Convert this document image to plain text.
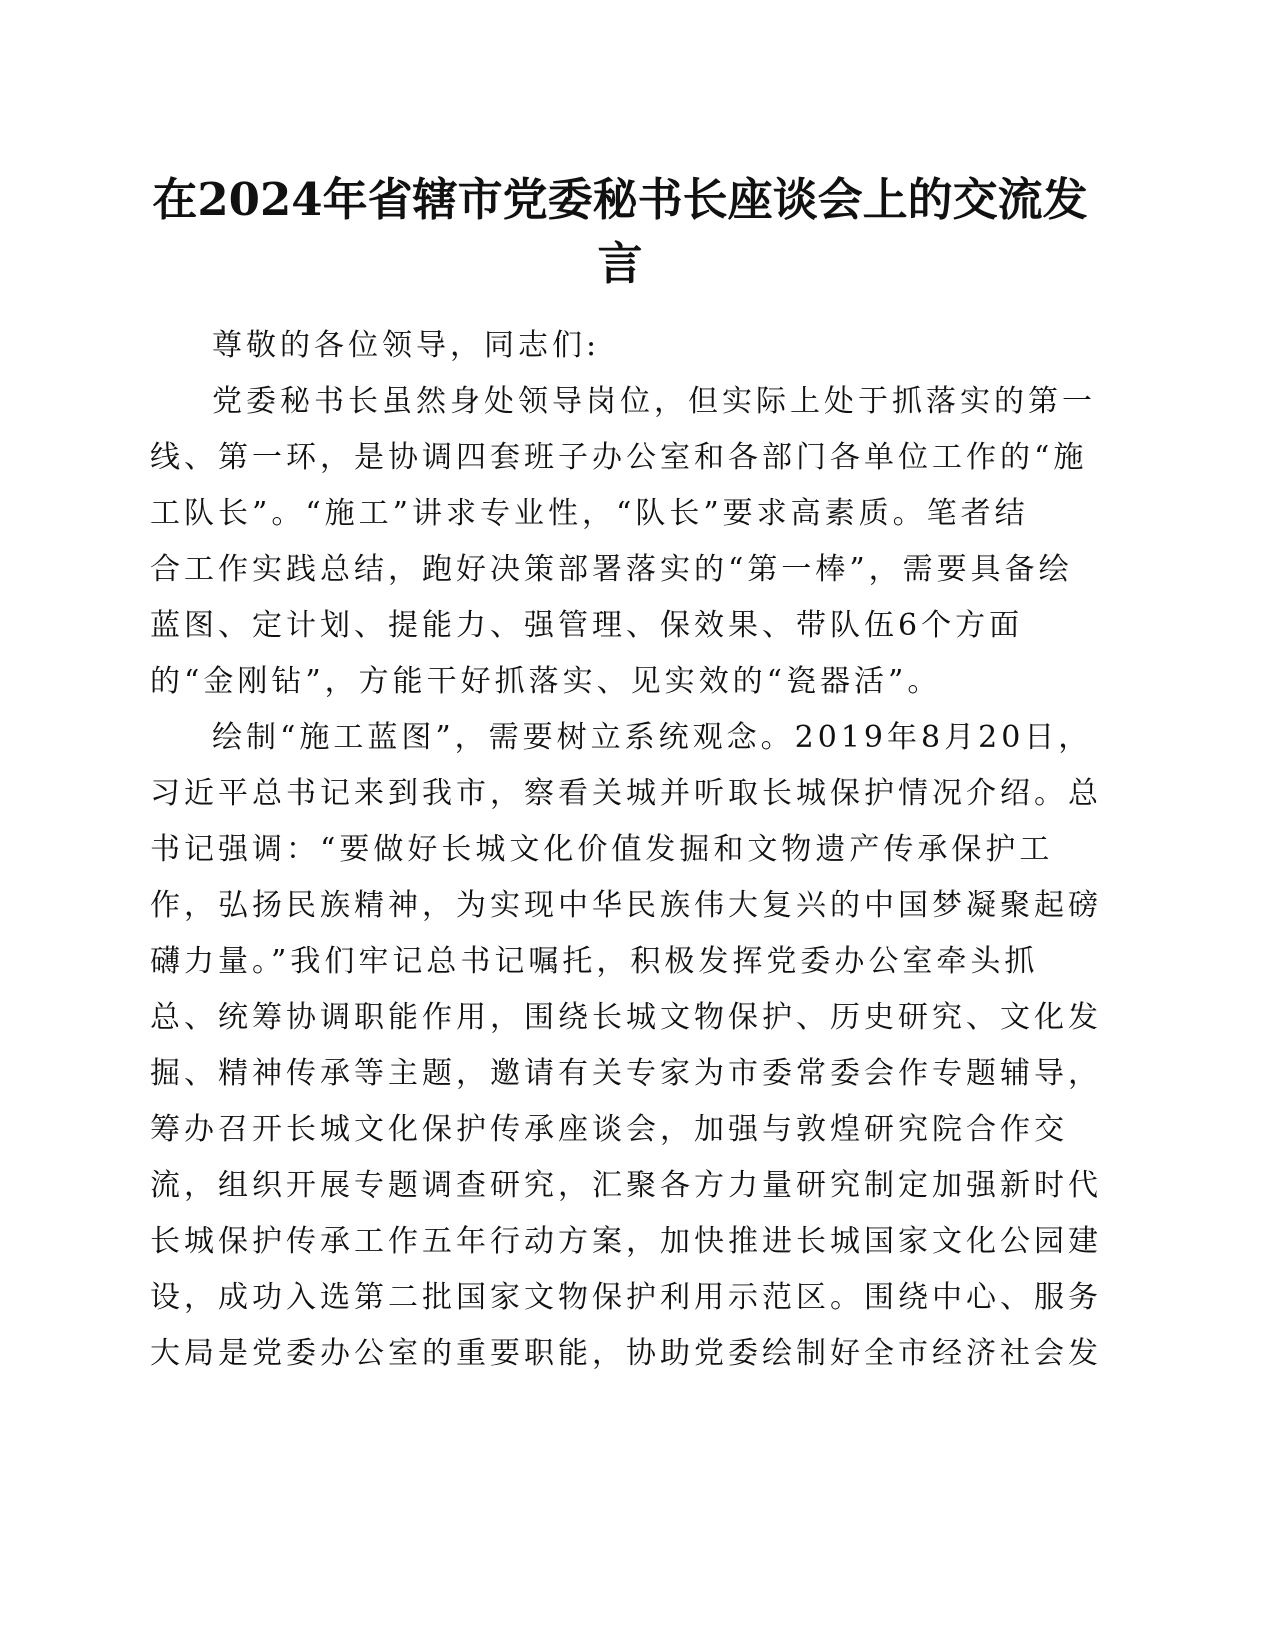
在2024年省辖市党委秘书长座谈会上的交流发
言
尊敬的各位领导，同志们:
党委秘书长虽然身处领导岗位，但实际上处于抓落实的第一
线、第一环，是协调四套班子办公室和各部门各单位工作的“施
工队长”。“施工”讲求专业性，“队长”要求高素质。笔者结
合工作实践总结，跑好决策部署落实的“第一棒”，需要具备绘
蓝图、定计划、提能力、强管理、保效果、带队伍6个方面
的“金刚钻”，方能干好抓落实、见实效的“瓷器活”。
绘制“施工蓝图”，需要树立系统观念。2019年8月20日，
习近平总书记来到我市，察看关城并听取长城保护情况介绍。总
书记强调：“要做好长城文化价值发掘和文物遗产传承保护工
作，弘扬民族精神，为实现中华民族伟大复兴的中国梦凝聚起磅
礴力量。”我们牢记总书记嘱托，积极发挥党委办公室牵头抓
总、统筹协调职能作用，围绕长城文物保护、历史研究、文化发
掘、精神传承等主题，邀请有关专家为市委常委会作专题辅导，
筹办召开长城文化保护传承座谈会，加强与敦煌研究院合作交
流，组织开展专题调查研究，汇聚各方力量研究制定加强新时代
长城保护传承工作五年行动方案，加快推进长城国家文化公园建
设，成功入选第二批国家文物保护利用示范区。围绕中心、服务
大局是党委办公室的重要职能，协助党委绘制好全市经济社会发
